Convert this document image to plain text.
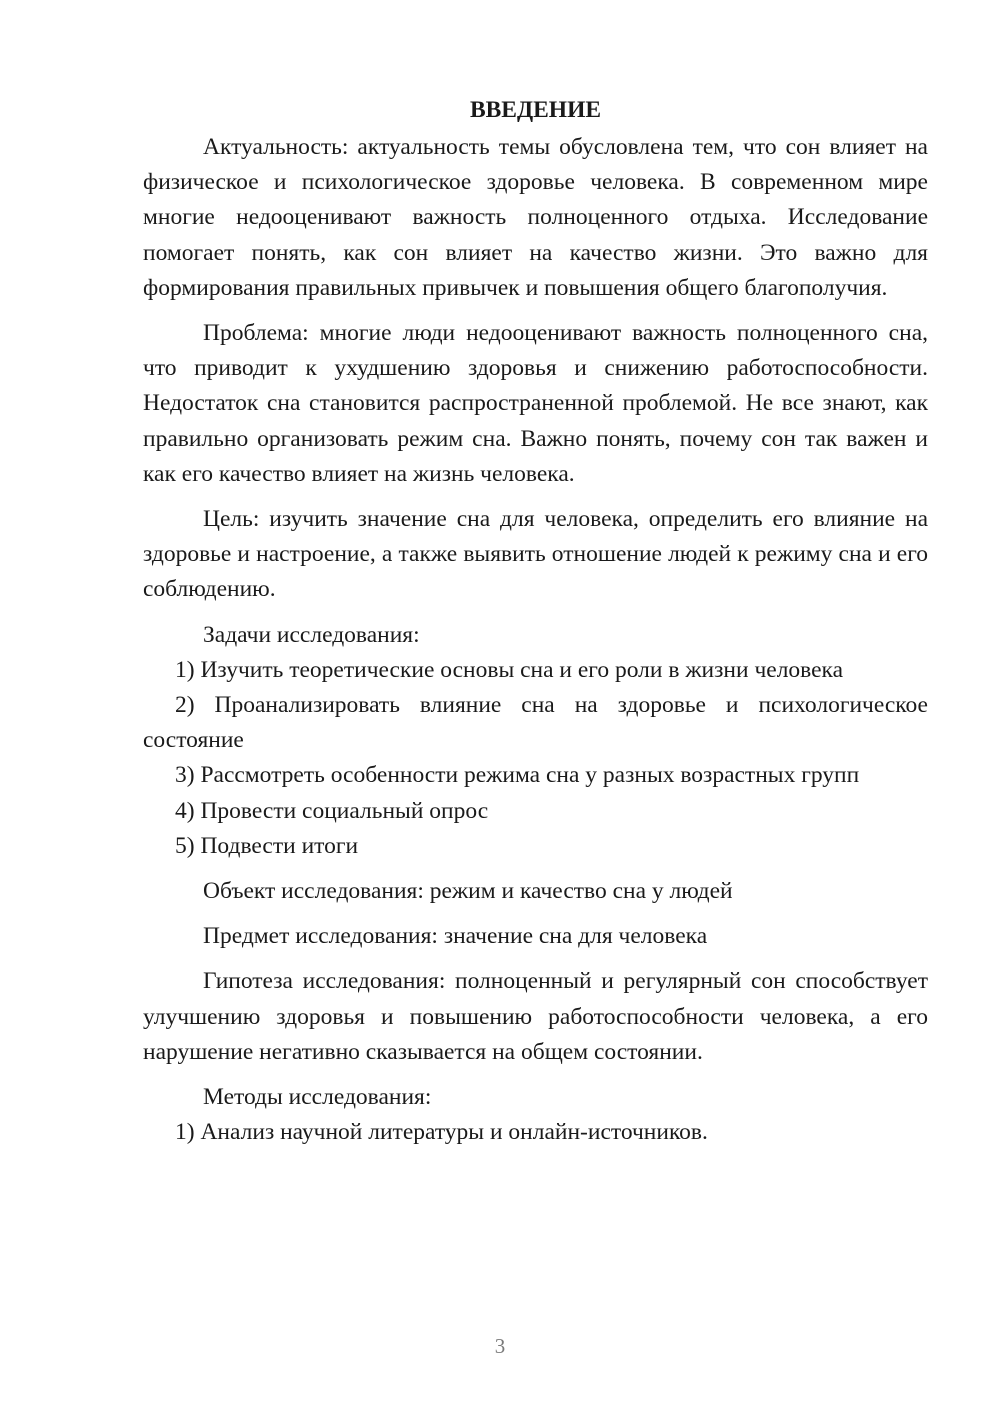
ВВЕДЕНИЕ

Актуальность: актуальность темы обусловлена тем, что сон влияет на физическое и психологическое здоровье человека. В современном мире многие недооценивают важность полноценного отдыха. Исследование помогает понять, как сон влияет на качество жизни. Это важно для формирования правильных привычек и повышения общего благополучия.

Проблема: многие люди недооценивают важность полноценного сна, что приводит к ухудшению здоровья и снижению работоспособности. Недостаток сна становится распространенной проблемой. Не все знают, как правильно организовать режим сна. Важно понять, почему сон так важен и как его качество влияет на жизнь человека.

Цель: изучить значение сна для человека, определить его влияние на здоровье и настроение, а также выявить отношение людей к режиму сна и его соблюдению.

Задачи исследования:

1) Изучить теоретические основы сна и его роли в жизни человека

2) Проанализировать влияние сна на здоровье и психологическое состояние

3) Рассмотреть особенности режима сна у разных возрастных групп

4) Провести социальный опрос

5) Подвести итоги

Объект исследования: режим и качество сна у людей

Предмет исследования: значение сна для человека

Гипотеза исследования: полноценный и регулярный сон способствует улучшению здоровья и повышению работоспособности человека, а его нарушение негативно сказывается на общем состоянии.

Методы исследования:

1) Анализ научной литературы и онлайн-источников.

3
